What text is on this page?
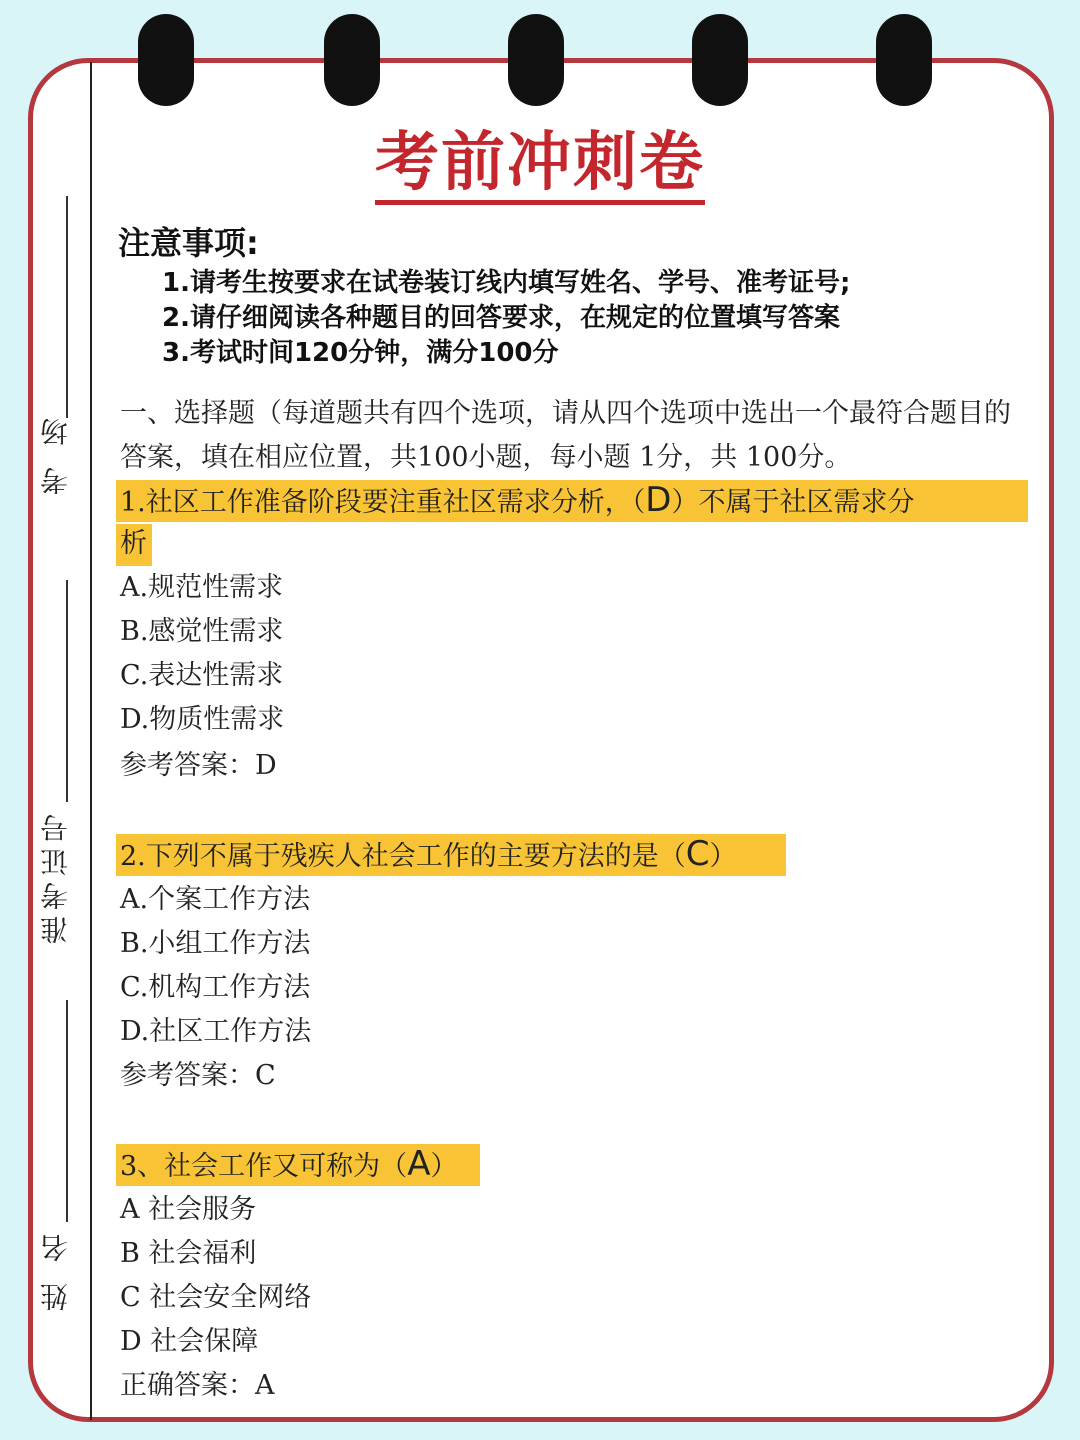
考 场
准考证号
姓 名
考前冲刺卷
注意事项:
1.请考生按要求在试卷装订线内填写姓名、学号、准考证号;
2.请仔细阅读各种题目的回答要求，在规定的位置填写答案
3.考试时间120分钟，满分100分
一、选择题（每道题共有四个选项，请从四个选项中选出一个最符合题目的答案，填在相应位置，共100小题，每小题 1分，共 100分。
1.社区工作准备阶段要注重社区需求分析，（D）不属于社区需求分
析
A.规范性需求
B.感觉性需求
C.表达性需求
D.物质性需求
参考答案：D
2.下列不属于残疾人社会工作的主要方法的是（C）
A.个案工作方法
B.小组工作方法
C.机构工作方法
D.社区工作方法
参考答案：C
3、社会工作又可称为（A）
A 社会服务
B 社会福利
C 社会安全网络
D 社会保障
正确答案：A
